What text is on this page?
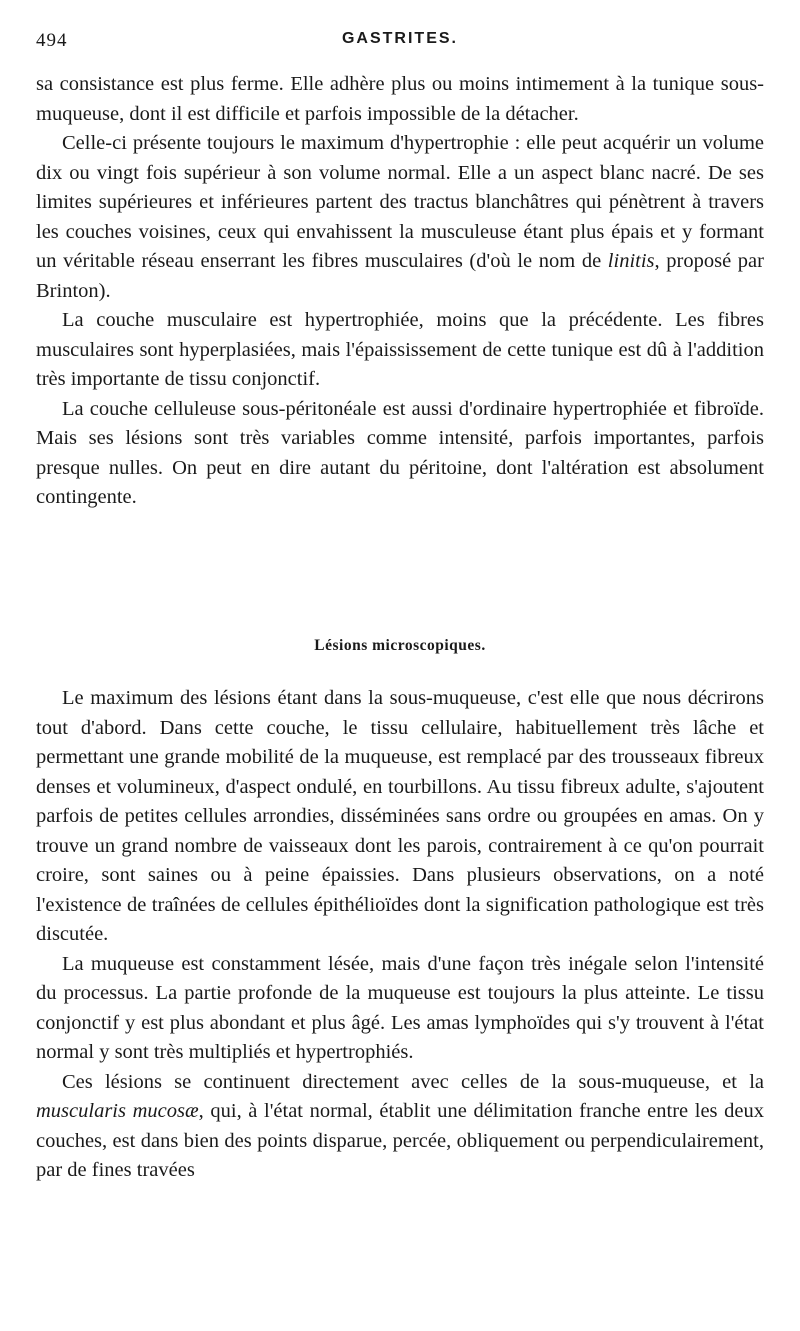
494	GASTRITES.

sa consistance est plus ferme. Elle adhère plus ou moins intimement à la tunique sous-muqueuse, dont il est difficile et parfois impossible de la détacher.

Celle-ci présente toujours le maximum d'hypertrophie : elle peut acquérir un volume dix ou vingt fois supérieur à son volume normal. Elle a un aspect blanc nacré. De ses limites supérieures et inférieures partent des tractus blanchâtres qui pénètrent à travers les couches voisines, ceux qui envahissent la musculeuse étant plus épais et y formant un véritable réseau enserrant les fibres musculaires (d'où le nom de linitis, proposé par Brinton).

La couche musculaire est hypertrophiée, moins que la précédente. Les fibres musculaires sont hyperplasiées, mais l'épaississement de cette tunique est dû à l'addition très importante de tissu conjonctif.

La couche celluleuse sous-péritonéale est aussi d'ordinaire hypertrophiée et fibroïde. Mais ses lésions sont très variables comme intensité, parfois importantes, parfois presque nulles. On peut en dire autant du péritoine, dont l'altération est absolument contingente.

Lésions microscopiques.

Le maximum des lésions étant dans la sous-muqueuse, c'est elle que nous décrirons tout d'abord. Dans cette couche, le tissu cellulaire, habituellement très lâche et permettant une grande mobilité de la muqueuse, est remplacé par des trousseaux fibreux denses et volumineux, d'aspect ondulé, en tourbillons. Au tissu fibreux adulte, s'ajoutent parfois de petites cellules arrondies, disséminées sans ordre ou groupées en amas. On y trouve un grand nombre de vaisseaux dont les parois, contrairement à ce qu'on pourrait croire, sont saines ou à peine épaissies. Dans plusieurs observations, on a noté l'existence de traînées de cellules épithélioïdes dont la signification pathologique est très discutée.

La muqueuse est constamment lésée, mais d'une façon très inégale selon l'intensité du processus. La partie profonde de la muqueuse est toujours la plus atteinte. Le tissu conjonctif y est plus abondant et plus âgé. Les amas lymphoïdes qui s'y trouvent à l'état normal y sont très multipliés et hypertrophiés.

Ces lésions se continuent directement avec celles de la sous-muqueuse, et la muscularis mucosæ, qui, à l'état normal, établit une délimitation franche entre les deux couches, est dans bien des points disparue, percée, obliquement ou perpendiculairement, par de fines travées
